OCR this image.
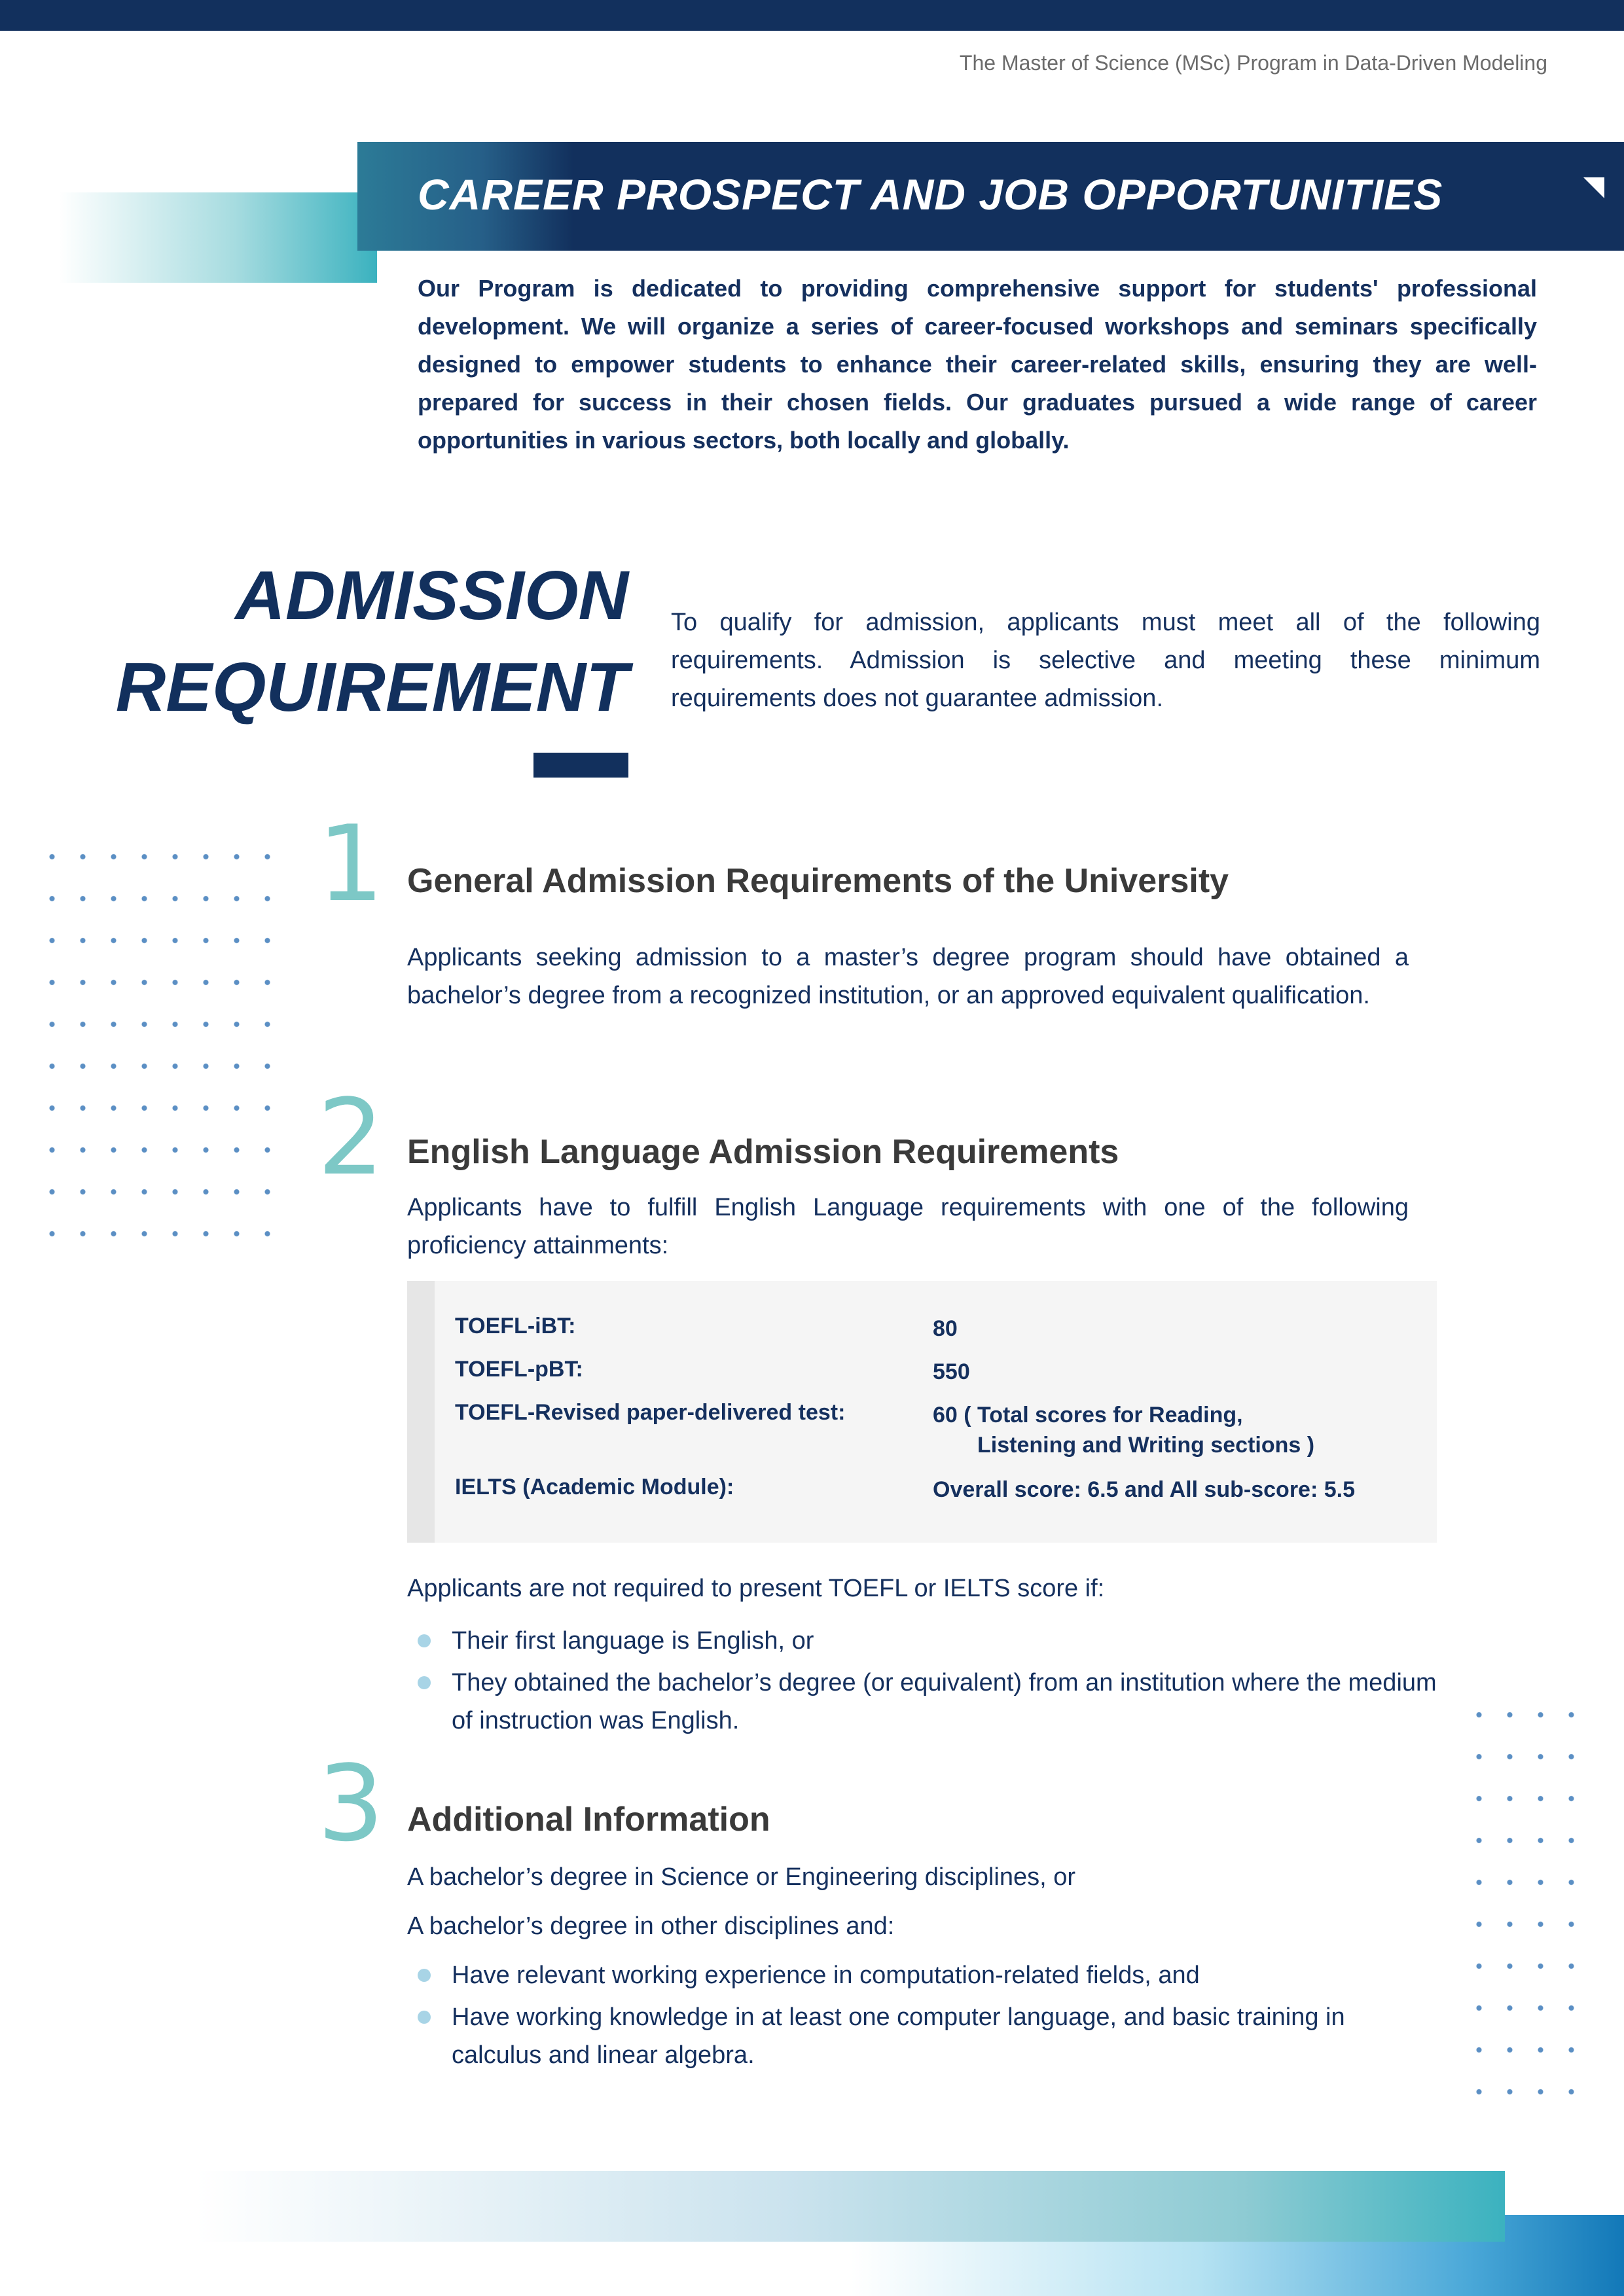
The Master of Science (MSc) Program in Data-Driven Modeling
CAREER PROSPECT AND JOB OPPORTUNITIES
Our Program is dedicated to providing comprehensive support for students' professional development. We will organize a series of career-focused workshops and seminars specifically designed to empower students to enhance their career-related skills, ensuring they are well-prepared for success in their chosen fields. Our graduates pursued a wide range of career opportunities in various sectors, both locally and globally.
ADMISSION
REQUIREMENT
To qualify for admission, applicants must meet all of the following requirements. Admission is selective and meeting these minimum requirements does not guarantee admission.
1 General Admission Requirements of the University
Applicants seeking admission to a master’s degree program should have obtained a bachelor’s degree from a recognized institution, or an approved equivalent qualification.
2 English Language Admission Requirements
Applicants have to fulfill English Language requirements with one of the following proficiency attainments:
TOEFL-iBT:	80
TOEFL-pBT:	550
TOEFL-Revised paper-delivered test:	60 ( Total scores for Reading,
Listening and Writing sections )
IELTS (Academic Module):	Overall score: 6.5 and All sub-score: 5.5
Applicants are not required to present TOEFL or IELTS score if:
Their first language is English, or
They obtained the bachelor’s degree (or equivalent) from an institution where the medium of instruction was English.
3 Additional Information
A bachelor’s degree in Science or Engineering disciplines, or
A bachelor’s degree in other disciplines and:
Have relevant working experience in computation-related fields, and
Have working knowledge in at least one computer language, and basic training in calculus and linear algebra.
